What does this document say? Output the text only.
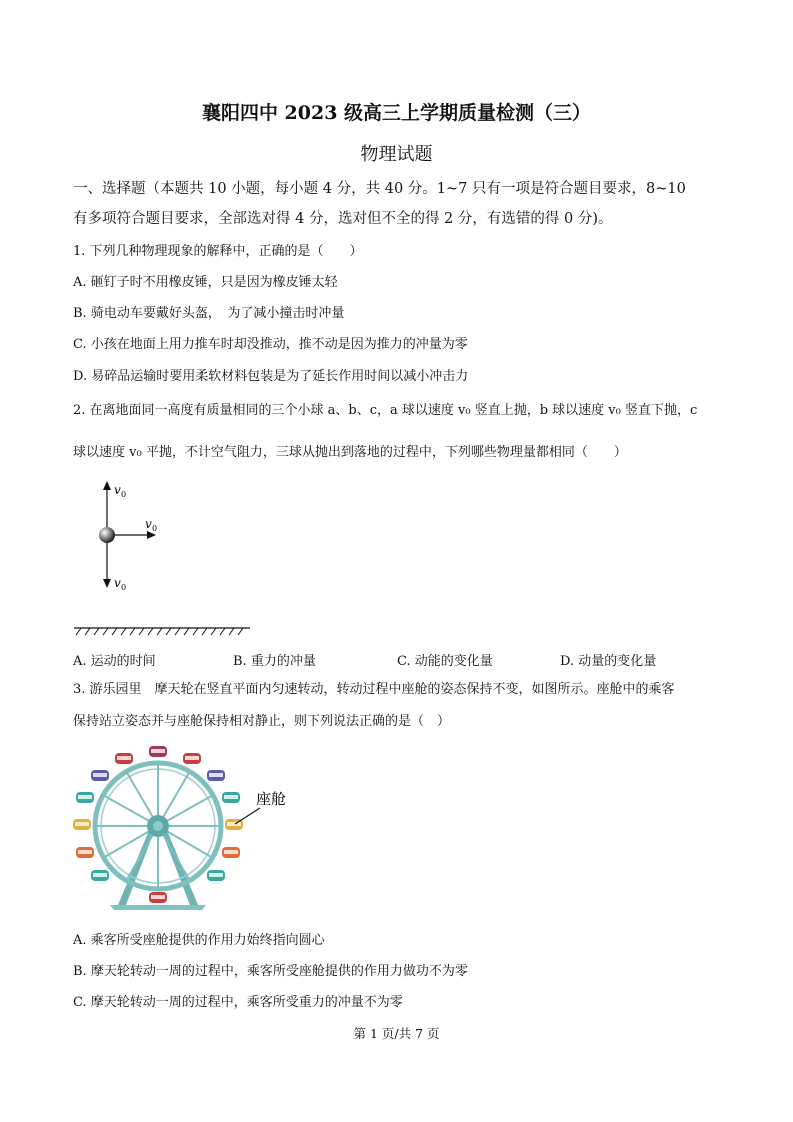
襄阳四中 2023 级高三上学期质量检测（三）
物理试题
一、选择题（本题共 10 小题，每小题 4 分，共 40 分。1~7 只有一项是符合题目要求，8~10
有多项符合题目要求，全部选对得 4 分，选对但不全的得 2 分，有选错的得 0 分)。
1. 下列几种物理现象的解释中，正确的是（　　）
A. 砸钉子时不用橡皮锤，只是因为橡皮锤太轻
B. 骑电动车要戴好头盔，　为了减小撞击时冲量
C. 小孩在地面上用力推车时却没推动，推不动是因为推力的冲量为零
D. 易碎品运输时要用柔软材料包装是为了延长作用时间以减小冲击力
2. 在离地面同一高度有质量相同的三个小球 a、b、c，a 球以速度 v₀ 竖直上抛，b 球以速度 v₀ 竖直下抛，c
球以速度 v₀ 平抛，不计空气阻力，三球从抛出到落地的过程中，下列哪些物理量都相同（　　）
v 0
v 0
v 0
A. 运动的时间	B. 重力的冲量	C. 动能的变化量	D. 动量的变化量
3. 游乐园里　摩天轮在竖直平面内匀速转动，转动过程中座舱的姿态保持不变，如图所示。座舱中的乘客
保持站立姿态并与座舱保持相对静止，则下列说法正确的是（　）
座舱
A. 乘客所受座舱提供的作用力始终指向圆心
B. 摩天轮转动一周的过程中，乘客所受座舱提供的作用力做功不为零
C. 摩天轮转动一周的过程中，乘客所受重力的冲量不为零
第 1 页/共 7 页
